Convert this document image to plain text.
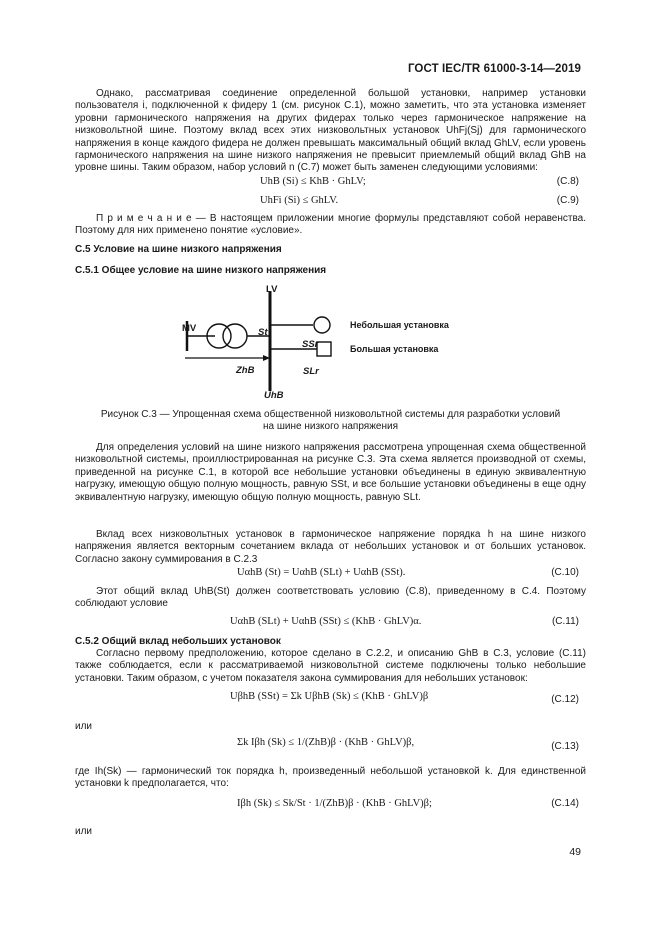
ГОСТ IEC/TR 61000-3-14—2019
Однако, рассматривая соединение определенной большой установки, например установки пользователя i, подключенной к фидеру 1 (см. рисунок С.1), можно заметить, что эта установка изменяет уровни гармонического напряжения на других фидерах только через гармоническое напряжение на низковольтной шине. Поэтому вклад всех этих низковольтных установок UhFj(Sj) для гармонического напряжения в конце каждого фидера не должен превышать максимальный общий вклад GhLV, если уровень гармонического напряжения на шине низкого напряжения не превысит приемлемый общий вклад GhB на уровне шины. Таким образом, набор условий n (С.7) может быть заменен следующими условиями:
UhB (Si) ≤ KhB · GhLV;	(С.8)
UhFi (Si) ≤ GhLV.	(С.9)
П р и м е ч а н и е — В настоящем приложении многие формулы представляют собой неравенства. Поэтому для них применено понятие «условие».
С.5 Условие на шине низкого напряжения
С.5.1 Общее условие на шине низкого напряжения
LV
MV	St
SSr
ZhB	SLr
UhB
Небольшая установка
Большая установка
Рисунок С.3 — Упрощенная схема общественной низковольтной системы для разработки условий
на шине низкого напряжения
Для определения условий на шине низкого напряжения рассмотрена упрощенная схема общественной низковольтной системы, проиллюстрированная на рисунке С.3. Эта схема является производной от схемы, приведенной на рисунке С.1, в которой все небольшие установки объединены в единую эквивалентную нагрузку, имеющую общую полную мощность, равную SSt, и все большие установки объединены в еще одну эквивалентную нагрузку, имеющую общую полную мощность, равную SLt.
Вклад всех низковольтных установок в гармоническое напряжение порядка h на шине низкого напряжения является векторным сочетанием вклада от небольших установок и от больших установок. Согласно закону суммирования в С.2.3
UαhB (St) = UαhB (SLt) + UαhB (SSt).	(С.10)
Этот общий вклад UhB(St) должен соответствовать условию (С.8), приведенному в С.4. Поэтому соблюдают условие
UαhB (SLt) + UαhB (SSt) ≤ (KhB · GhLV)α.	(С.11)
С.5.2 Общий вклад небольших установок
Согласно первому предположению, которое сделано в С.2.2, и описанию GhB в С.3, условие (С.11) также соблюдается, если к рассматриваемой низковольтной системе подключены только небольшие установки. Таким образом, с учетом показателя закона суммирования для небольших установок:
UβhB (SSt) = Σk UβhB (Sk) ≤ (KhB · GhLV)β	(С.12)
или
Σk Iβh (Sk) ≤ 1/(ZhB)β · (KhB · GhLV)β,	(С.13)
где Ih(Sk) — гармонический ток порядка h, произведенный небольшой установкой k. Для единственной установки k предполагается, что:
Iβh (Sk) ≤ Sk/St · 1/(ZhB)β · (KhB · GhLV)β;	(С.14)
или
49
